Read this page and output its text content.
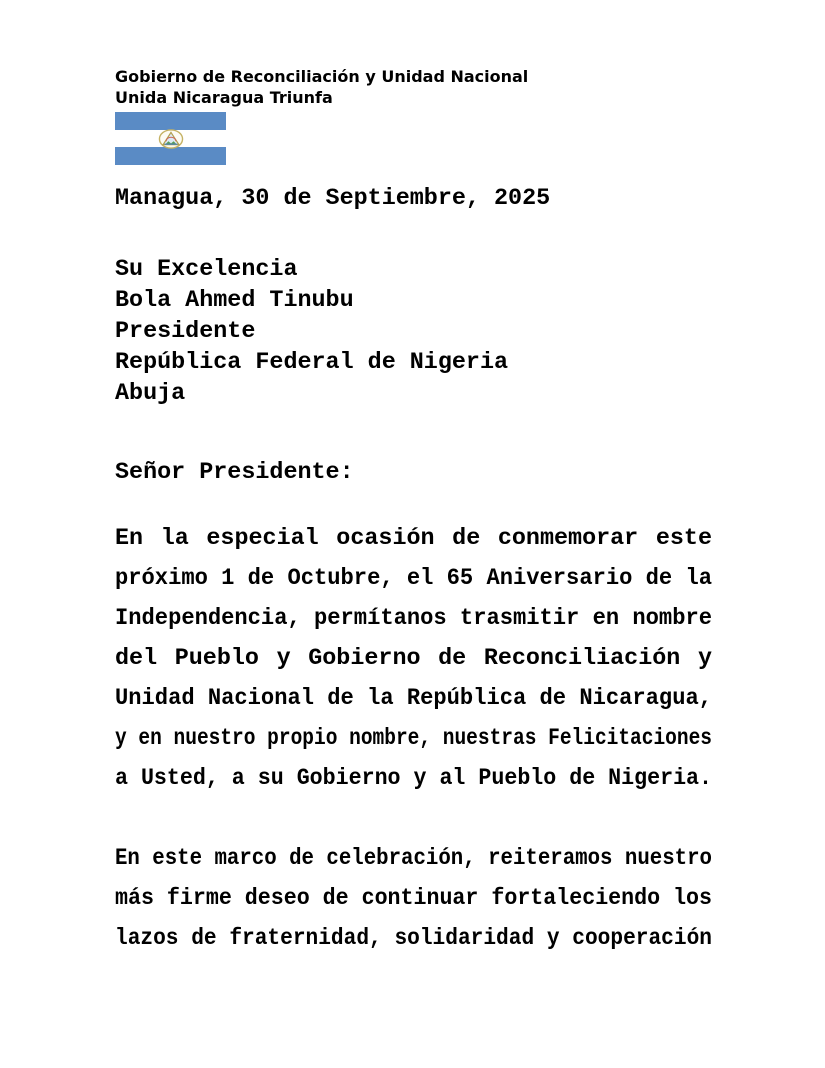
Gobierno de Reconciliación y Unidad Nacional
Unida Nicaragua Triunfa
Managua, 30 de Septiembre, 2025
Su Excelencia
Bola Ahmed Tinubu
Presidente
República Federal de Nigeria
Abuja
Señor Presidente:
En la especial ocasión de conmemorar este
próximo 1 de Octubre, el 65 Aniversario de la
Independencia, permítanos trasmitir en nombre
del Pueblo y Gobierno de Reconciliación y
Unidad Nacional de la República de Nicaragua,
y en nuestro propio nombre, nuestras Felicitaciones
a Usted, a su Gobierno y al Pueblo de Nigeria.
En este marco de celebración, reiteramos nuestro
más firme deseo de continuar fortaleciendo los
lazos de fraternidad, solidaridad y cooperación
